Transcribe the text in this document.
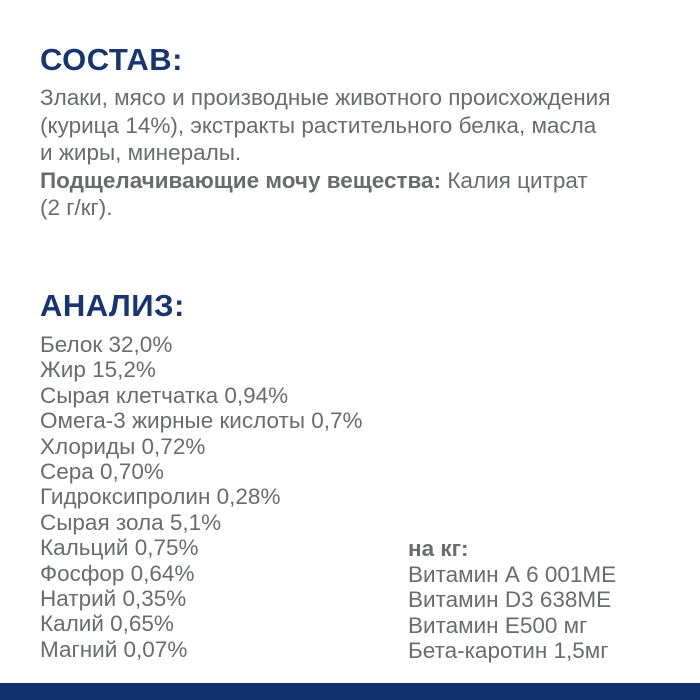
СОСТАВ:
Злаки, мясо и производные животного происхождения
(курица 14%), экстракты растительного белка, масла
и жиры, минералы.
Подщелачивающие мочу вещества: Калия цитрат
(2 г/кг).
АНАЛИЗ:
Белок 32,0%
Жир 15,2%
Сырая клетчатка 0,94%
Омега-3 жирные кислоты 0,7%
Хлориды 0,72%
Сера 0,70%
Гидроксипролин 0,28%
Сырая зола 5,1%
Кальций 0,75%
Фосфор 0,64%
Натрий 0,35%
Калий 0,65%
Магний 0,07%
на кг:
Витамин А 6 001МЕ
Витамин D3 638МЕ
Витамин Е500 мг
Бета-каротин 1,5мг
